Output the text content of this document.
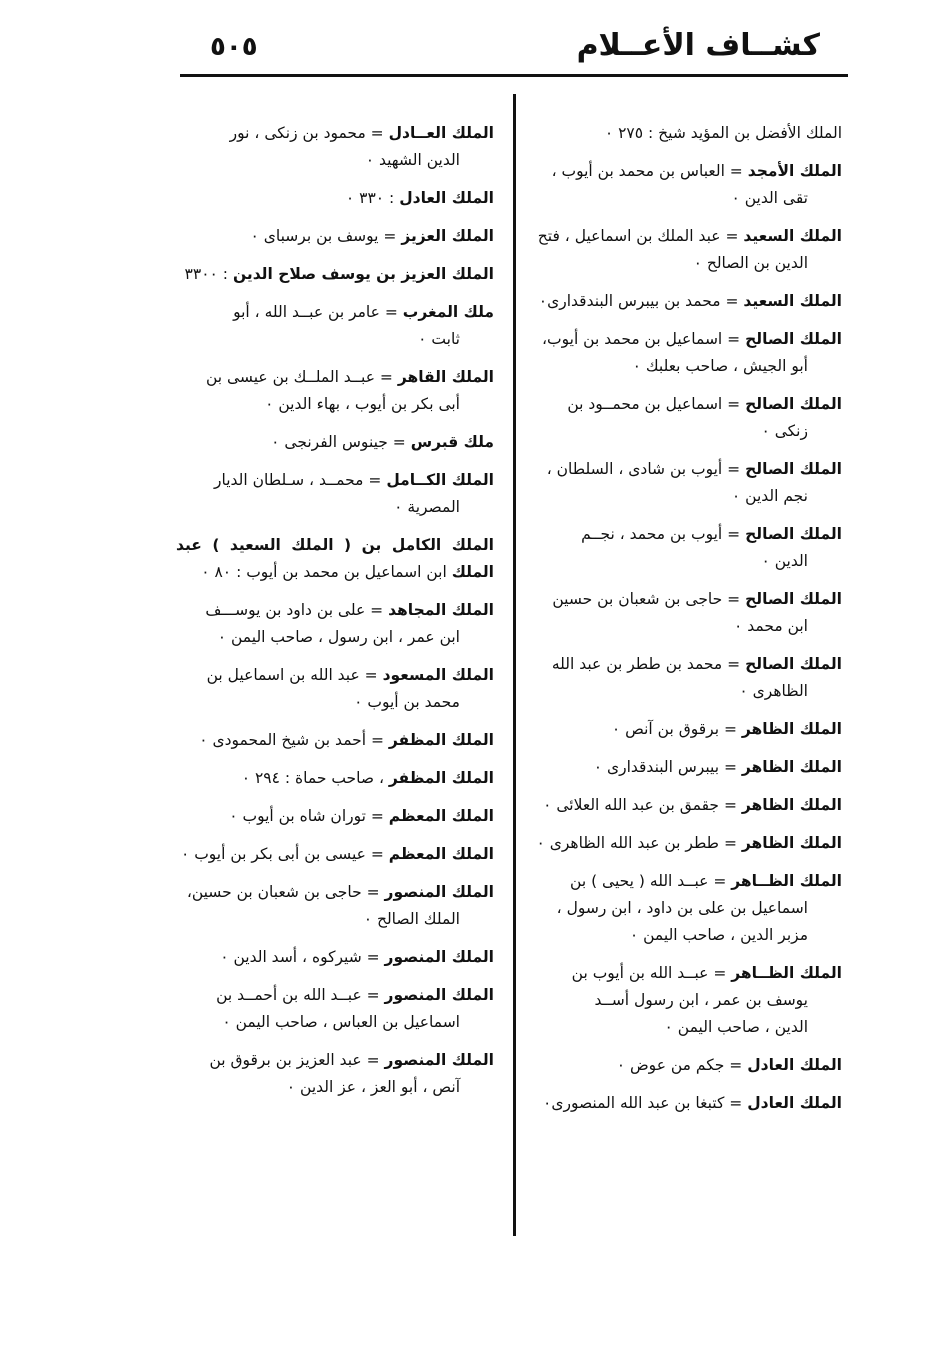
كشــاف الأعــلام
٥٠٥
الملك الأفضل بن المؤيد شيخ : ٢٧٥ ٠
الملك الأمجد = العباس بن محمد بن أيوب ،
تقى الدين ٠
الملك السعيد = عبد الملك بن اسماعيل ، فتح
الدين بن الصالح ٠
الملك السعيد = محمد بن بيبرس البندقدارى٠
الملك الصالح = اسماعيل بن محمد بن أيوب،
أبو الجيش ، صاحب بعلبك ٠
الملك الصالح = اسماعيل بن محمــود بن
زنكى ٠
الملك الصالح = أيوب بن شادى ، السلطان ،
نجم الدين ٠
الملك الصالح = أيوب بن محمد ، نجــم
الدين ٠
الملك الصالح = حاجى بن شعبان بن حسين
ابن محمد ٠
الملك الصالح = محمد بن ططر بن عبد الله
الظاهرى ٠
الملك الظاهر = برقوق بن آنص ٠
الملك الظاهر = بيبرس البندقدارى ٠
الملك الظاهر = جقمق بن عبد الله العلائى ٠
الملك الظاهر = ططر بن عبد الله الظاهرى ٠
الملك الظــاهر = عبــد الله ( يحيى ) بن
اسماعيل بن على بن داود ، ابن رسول ،
مزبر الدين ، صاحب اليمن ٠
الملك الظــاهر = عبــد الله بن أيوب بن
يوسف بن عمر ، ابن رسول أســد
الدين ، صاحب اليمن ٠
الملك العادل = جكم من عوض ٠
الملك العادل = كتبغا بن عبد الله المنصورى٠
الملك العــادل = محمود بن زنكى ، نور
الدين الشهيد ٠
الملك العادل : ٣٣٠ ٠
الملك العزيز = يوسف بن برسباى ٠
الملك العزيز بن يوسف صلاح الدين : ٣٣٠٠
ملك المغرب = عامر بن عبــد الله ، أبو
ثابت ٠
الملك القاهر = عبــد الملــك بن عيسى بن
أبى بكر بن أيوب ، بهاء الدين ٠
ملك قبرس = جينوس الفرنجى ٠
الملك الكــامل = محمــد ، سـلطان الديار
المصرية ٠
الملك الكامل بن ( الملك السعيد ) عبد الملك ابن اسماعيل بن محمد بن أيوب : ٨٠ ٠
الملك المجاهد = على بن داود بن يوســـف
ابن عمر ، ابن رسول ، صاحب اليمن ٠
الملك المسعود = عبد الله بن اسماعيل بن
محمد بن أيوب ٠
الملك المظفر = أحمد بن شيخ المحمودى ٠
الملك المظفر ، صاحب حماة : ٢٩٤ ٠
الملك المعظم = توران شاه بن أيوب ٠
الملك المعظم = عيسى بن أبى بكر بن أيوب ٠
الملك المنصور = حاجى بن شعبان بن حسين،
الملك الصالح ٠
الملك المنصور = شيركوه ، أسد الدين ٠
الملك المنصور = عبــد الله بن أحمــد بن
اسماعيل بن العباس ، صاحب اليمن ٠
الملك المنصور = عبد العزيز بن برقوق بن
آنص ، أبو العز ، عز الدين ٠
